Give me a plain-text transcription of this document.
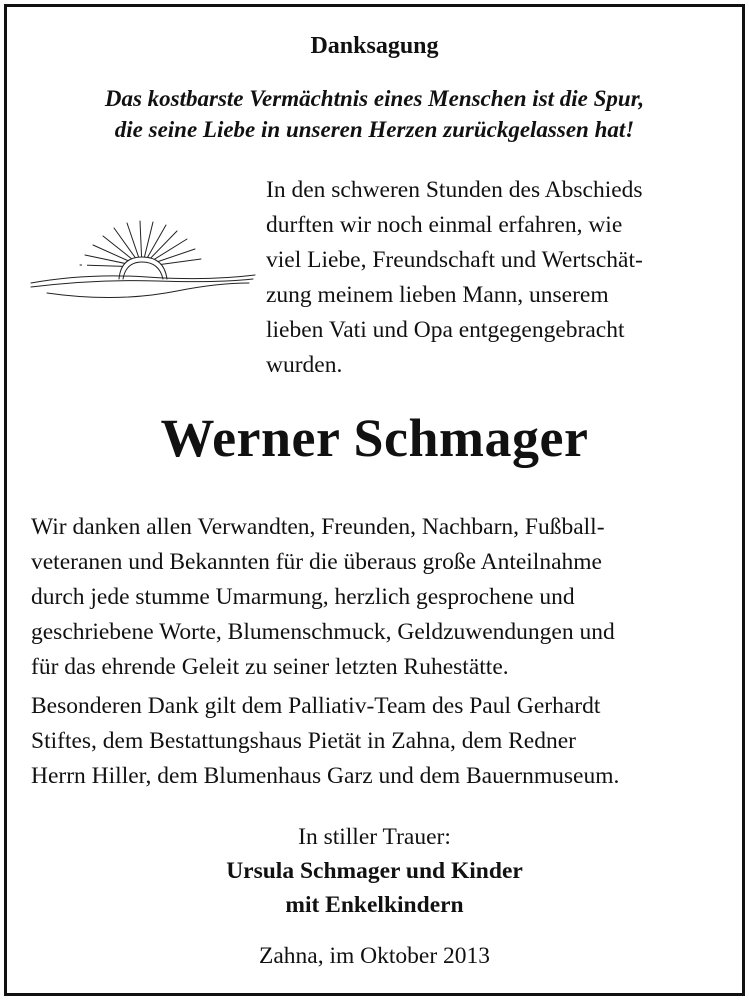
Danksagung
Das kostbarste Vermächtnis eines Menschen ist die Spur,
die seine Liebe in unseren Herzen zurückgelassen hat!
In den schweren Stunden des Abschieds
durften wir noch einmal erfahren, wie
viel Liebe, Freundschaft und Wertschät-
zung meinem lieben Mann, unserem
lieben Vati und Opa entgegengebracht
wurden.
Werner Schmager
Wir danken allen Verwandten, Freunden, Nachbarn, Fußball-
veteranen und Bekannten für die überaus große Anteilnahme
durch jede stumme Umarmung, herzlich gesprochene und
geschriebene Worte, Blumenschmuck, Geldzuwendungen und
für das ehrende Geleit zu seiner letzten Ruhestätte.
Besonderen Dank gilt dem Palliativ-Team des Paul Gerhardt
Stiftes, dem Bestattungshaus Pietät in Zahna, dem Redner
Herrn Hiller, dem Blumenhaus Garz und dem Bauernmuseum.
In stiller Trauer:
Ursula Schmager und Kinder
mit Enkelkindern
Zahna, im Oktober 2013
